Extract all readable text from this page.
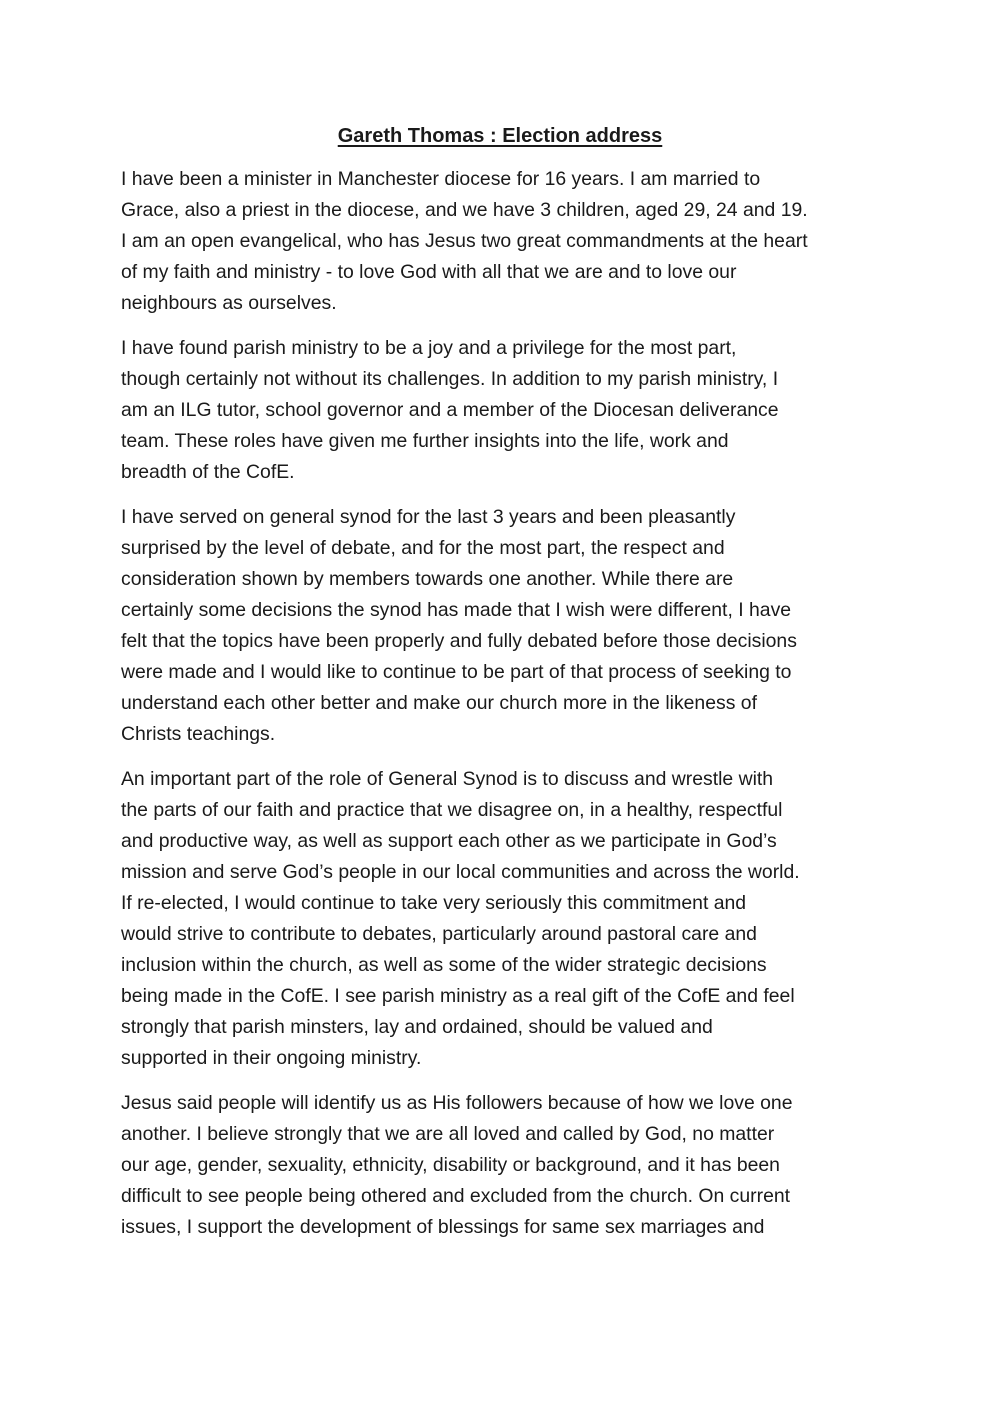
Gareth Thomas : Election address

I have been a minister in Manchester diocese for 16 years. I am married to
Grace, also a priest in the diocese, and we have 3 children, aged 29, 24 and 19.
I am an open evangelical, who has Jesus two great commandments at the heart
of my faith and ministry - to love God with all that we are and to love our
neighbours as ourselves.

I have found parish ministry to be a joy and a privilege for the most part,
though certainly not without its challenges. In addition to my parish ministry, I
am an ILG tutor, school governor and a member of the Diocesan deliverance
team. These roles have given me further insights into the life, work and
breadth of the CofE.

I have served on general synod for the last 3 years and been pleasantly
surprised by the level of debate, and for the most part, the respect and
consideration shown by members towards one another. While there are
certainly some decisions the synod has made that I wish were different, I have
felt that the topics have been properly and fully debated before those decisions
were made and I would like to continue to be part of that process of seeking to
understand each other better and make our church more in the likeness of
Christs teachings.

An important part of the role of General Synod is to discuss and wrestle with
the parts of our faith and practice that we disagree on, in a healthy, respectful
and productive way, as well as support each other as we participate in God’s
mission and serve God’s people in our local communities and across the world.
If re-elected, I would continue to take very seriously this commitment and
would strive to contribute to debates, particularly around pastoral care and
inclusion within the church, as well as some of the wider strategic decisions
being made in the CofE. I see parish ministry as a real gift of the CofE and feel
strongly that parish minsters, lay and ordained, should be valued and
supported in their ongoing ministry.

Jesus said people will identify us as His followers because of how we love one
another. I believe strongly that we are all loved and called by God, no matter
our age, gender, sexuality, ethnicity, disability or background, and it has been
difficult to see people being othered and excluded from the church. On current
issues, I support the development of blessings for same sex marriages and
